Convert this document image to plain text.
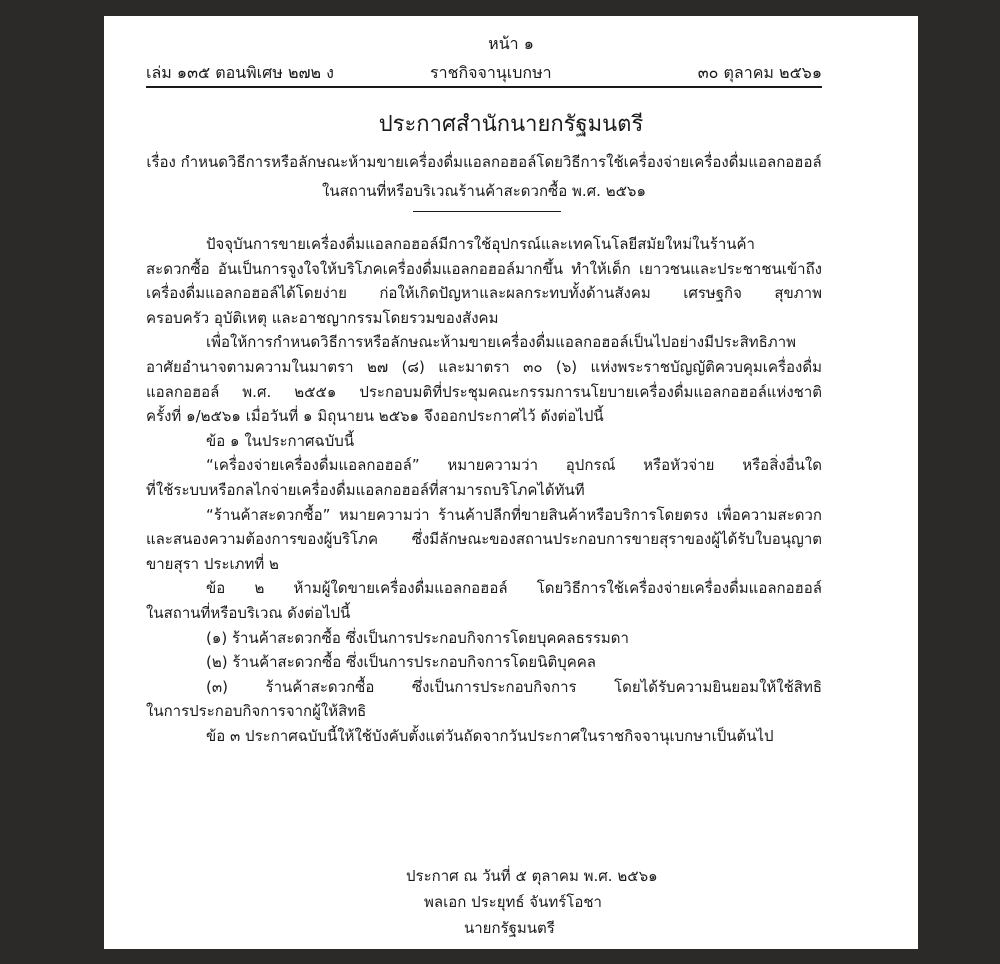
หน้า ๑
เล่ม ๑๓๕ ตอนพิเศษ ๒๗๒ ง	ราชกิจจานุเบกษา	๓๐ ตุลาคม ๒๕๖๑
ประกาศสำนักนายกรัฐมนตรี
เรื่อง กำหนดวิธีการหรือลักษณะห้ามขายเครื่องดื่มแอลกอฮอล์โดยวิธีการใช้เครื่องจ่ายเครื่องดื่มแอลกอฮอล์
ในสถานที่หรือบริเวณร้านค้าสะดวกซื้อ พ.ศ. ๒๕๖๑
ปัจจุบันการขายเครื่องดื่มแอลกอฮอล์มีการใช้อุปกรณ์และเทคโนโลยีสมัยใหม่ในร้านค้า
สะดวกซื้อ อันเป็นการจูงใจให้บริโภคเครื่องดื่มแอลกอฮอล์มากขึ้น ทำให้เด็ก เยาวชนและประชาชนเข้าถึง
เครื่องดื่มแอลกอฮอล์ได้โดยง่าย ก่อให้เกิดปัญหาและผลกระทบทั้งด้านสังคม เศรษฐกิจ สุขภาพ
ครอบครัว อุบัติเหตุ และอาชญากรรมโดยรวมของสังคม
เพื่อให้การกำหนดวิธีการหรือลักษณะห้ามขายเครื่องดื่มแอลกอฮอล์เป็นไปอย่างมีประสิทธิภาพ
อาศัยอำนาจตามความในมาตรา ๒๗ (๘) และมาตรา ๓๐ (๖) แห่งพระราชบัญญัติควบคุมเครื่องดื่ม
แอลกอฮอล์ พ.ศ. ๒๕๕๑ ประกอบมติที่ประชุมคณะกรรมการนโยบายเครื่องดื่มแอลกอฮอล์แห่งชาติ
ครั้งที่ ๑/๒๕๖๑ เมื่อวันที่ ๑ มิถุนายน ๒๕๖๑ จึงออกประกาศไว้ ดังต่อไปนี้
ข้อ ๑ ในประกาศฉบับนี้
“เครื่องจ่ายเครื่องดื่มแอลกอฮอล์” หมายความว่า อุปกรณ์ หรือหัวจ่าย หรือสิ่งอื่นใด
ที่ใช้ระบบหรือกลไกจ่ายเครื่องดื่มแอลกอฮอล์ที่สามารถบริโภคได้ทันที
“ร้านค้าสะดวกซื้อ” หมายความว่า ร้านค้าปลีกที่ขายสินค้าหรือบริการโดยตรง เพื่อความสะดวก
และสนองความต้องการของผู้บริโภค ซึ่งมีลักษณะของสถานประกอบการขายสุราของผู้ได้รับใบอนุญาต
ขายสุรา ประเภทที่ ๒
ข้อ ๒ ห้ามผู้ใดขายเครื่องดื่มแอลกอฮอล์ โดยวิธีการใช้เครื่องจ่ายเครื่องดื่มแอลกอฮอล์
ในสถานที่หรือบริเวณ ดังต่อไปนี้
(๑) ร้านค้าสะดวกซื้อ ซึ่งเป็นการประกอบกิจการโดยบุคคลธรรมดา
(๒) ร้านค้าสะดวกซื้อ ซึ่งเป็นการประกอบกิจการโดยนิติบุคคล
(๓) ร้านค้าสะดวกซื้อ ซึ่งเป็นการประกอบกิจการ โดยได้รับความยินยอมให้ใช้สิทธิ
ในการประกอบกิจการจากผู้ให้สิทธิ
ข้อ ๓ ประกาศฉบับนี้ให้ใช้บังคับตั้งแต่วันถัดจากวันประกาศในราชกิจจานุเบกษาเป็นต้นไป
ประกาศ ณ วันที่ ๕ ตุลาคม พ.ศ. ๒๕๖๑
พลเอก ประยุทธ์ จันทร์โอชา
นายกรัฐมนตรี
